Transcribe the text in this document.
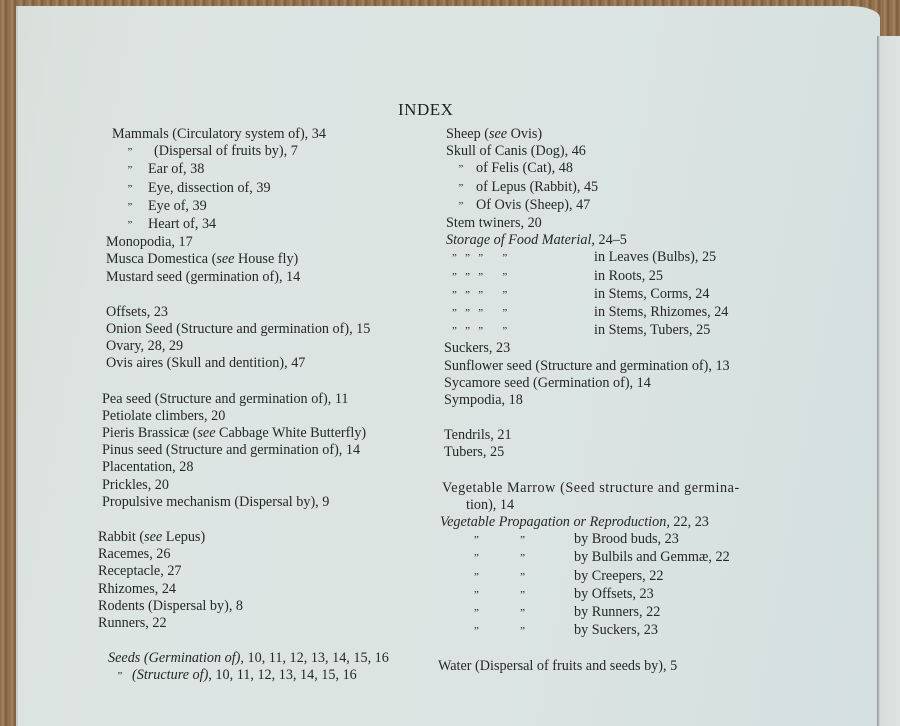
INDEX
Mammals (Circulatory system of), 34
” (Dispersal of fruits by), 7
” Ear of, 38
” Eye, dissection of, 39
” Eye of, 39
” Heart of, 34
Monopodia, 17
Musca Domestica (see House fly)
Mustard seed (germination of), 14
Offsets, 23
Onion Seed (Structure and germination of), 15
Ovary, 28, 29
Ovis aires (Skull and dentition), 47
Pea seed (Structure and germination of), 11
Petiolate climbers, 20
Pieris Brassicæ (see Cabbage White Butterfly)
Pinus seed (Structure and germination of), 14
Placentation, 28
Prickles, 20
Propulsive mechanism (Dispersal by), 9
Rabbit (see Lepus)
Racemes, 26
Receptacle, 27
Rhizomes, 24
Rodents (Dispersal by), 8
Runners, 22
Seeds (Germination of), 10, 11, 12, 13, 14, 15, 16
” (Structure of), 10, 11, 12, 13, 14, 15, 16
Sheep (see Ovis)
Skull of Canis (Dog), 46
” of Felis (Cat), 48
” of Lepus (Rabbit), 45
” Of Ovis (Sheep), 47
Stem twiners, 20
Storage of Food Material, 24–5
”   ”   ”       ”	in Leaves (Bulbs), 25
”   ”   ”       ”	in Roots, 25
”   ”   ”       ”	in Stems, Corms, 24
”   ”   ”       ”	in Stems, Rhizomes, 24
”   ”   ”       ”	in Stems, Tubers, 25
Suckers, 23
Sunflower seed (Structure and germination of), 13
Sycamore seed (Germination of), 14
Sympodia, 18
Tendrils, 21
Tubers, 25
Vegetable Marrow (Seed structure and germina-
tion), 14
Vegetable Propagation or Reproduction, 22, 23
”               ”	by Brood buds, 23
”               ”	by Bulbils and Gemmæ, 22
”               ”	by Creepers, 22
”               ”	by Offsets, 23
”               ”	by Runners, 22
”               ”	by Suckers, 23
Water (Dispersal of fruits and seeds by), 5
